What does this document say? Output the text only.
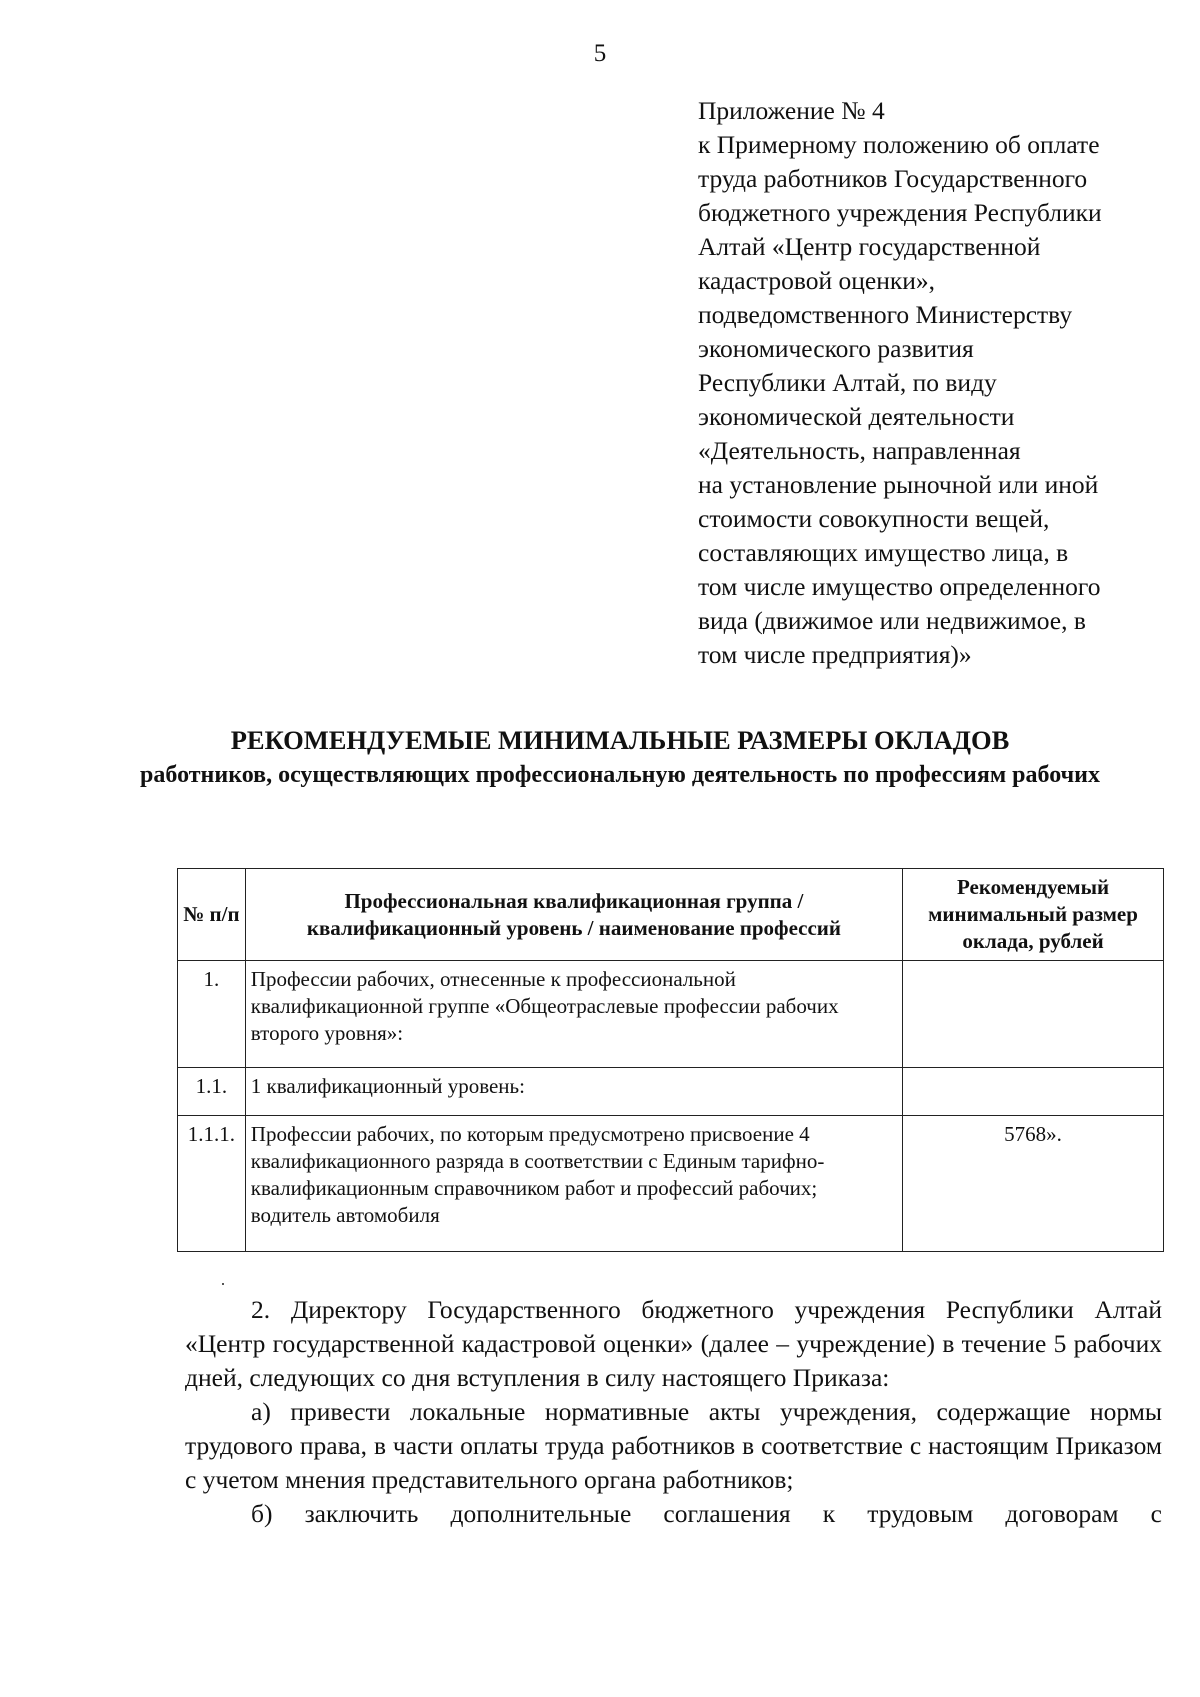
5
Приложение № 4
к Примерному положению об оплате
труда работников Государственного
бюджетного учреждения Республики
Алтай «Центр государственной
кадастровой оценки»,
подведомственного Министерству
экономического развития
Республики Алтай, по виду
экономической деятельности
«Деятельность, направленная
на установление рыночной или иной
стоимости совокупности вещей,
составляющих имущество лица, в
том числе имущество определенного
вида (движимое или недвижимое, в
том числе предприятия)»
РЕКОМЕНДУЕМЫЕ МИНИМАЛЬНЫЕ РАЗМЕРЫ ОКЛАДОВ
работников, осуществляющих профессиональную деятельность по профессиям рабочих
№ п/п	Профессиональная квалификационная группа / квалификационный уровень / наименование профессий	Рекомендуемый минимальный размер оклада, рублей
1.	Профессии рабочих, отнесенные к профессиональной квалификационной группе «Общеотраслевые профессии рабочих второго уровня»:	
1.1.	1 квалификационный уровень:	
1.1.1.	Профессии рабочих, по которым предусмотрено присвоение 4 квалификационного разряда в соответствии с Единым тарифно-квалификационным справочником работ и профессий рабочих; водитель автомобиля	5768».

2. Директору Государственного бюджетного учреждения Республики Алтай «Центр государственной кадастровой оценки» (далее – учреждение) в течение 5 рабочих дней, следующих со дня вступления в силу настоящего Приказа:

а) привести локальные нормативные акты учреждения, содержащие нормы трудового права, в части оплаты труда работников в соответствие с настоящим Приказом с учетом мнения представительного органа работников;

б) заключить дополнительные соглашения к трудовым договорам с
